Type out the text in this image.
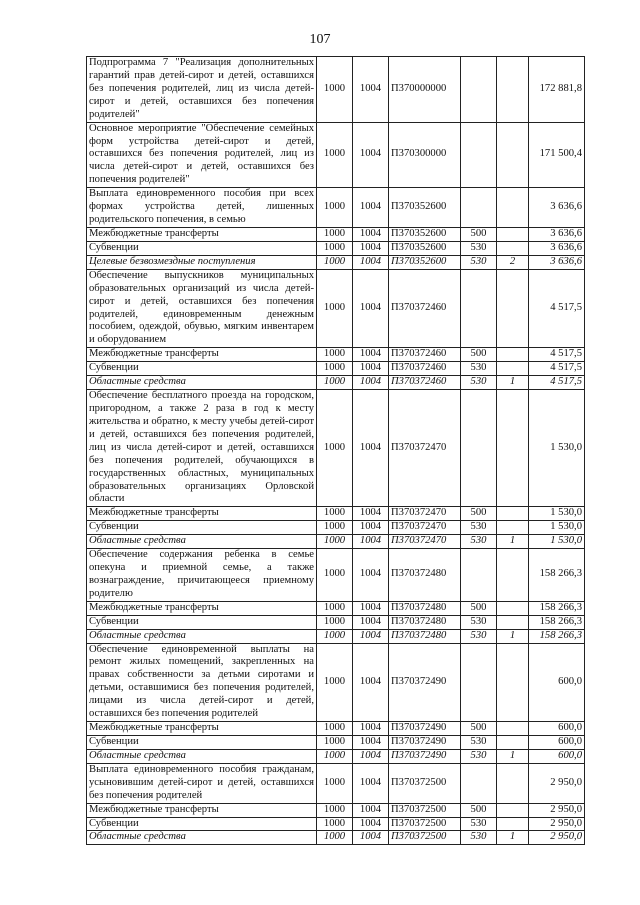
107
Подпрограмма 7 "Реализация дополнительных гарантий прав детей-сирот и детей, оставшихся без попечения родителей, лиц из числа детей-сирот и детей, оставшихся без попечения родителей"	1000	1004	П370000000			172 881,8
Основное мероприятие "Обеспечение семейных форм устройства детей-сирот и детей, оставшихся без попечения родителей, лиц из числа детей-сирот и детей, оставшихся без попечения родителей"	1000	1004	П370300000			171 500,4
Выплата единовременного пособия при всех формах устройства детей, лишенных родительского попечения, в семью	1000	1004	П370352600			3 636,6
Межбюджетные трансферты	1000	1004	П370352600	500		3 636,6
Субвенции	1000	1004	П370352600	530		3 636,6
Целевые безвозмездные поступления	1000	1004	П370352600	530	2	3 636,6
Обеспечение выпускников муниципальных образовательных организаций из числа детей-сирот и детей, оставшихся без попечения родителей, единовременным денежным пособием, одеждой, обувью, мягким инвентарем и оборудованием	1000	1004	П370372460			4 517,5
Межбюджетные трансферты	1000	1004	П370372460	500		4 517,5
Субвенции	1000	1004	П370372460	530		4 517,5
Областные средства	1000	1004	П370372460	530	1	4 517,5
Обеспечение бесплатного проезда на городском, пригородном, а также 2 раза в год к месту жительства и обратно, к месту учебы детей-сирот и детей, оставшихся без попечения родителей, лиц из числа детей-сирот и детей, оставшихся без попечения родителей, обучающихся в государственных областных, муниципальных образовательных организациях Орловской области	1000	1004	П370372470			1 530,0
Межбюджетные трансферты	1000	1004	П370372470	500		1 530,0
Субвенции	1000	1004	П370372470	530		1 530,0
Областные средства	1000	1004	П370372470	530	1	1 530,0
Обеспечение содержания ребенка в семье опекуна и приемной семье, а также вознаграждение, причитающееся приемному родителю	1000	1004	П370372480			158 266,3
Межбюджетные трансферты	1000	1004	П370372480	500		158 266,3
Субвенции	1000	1004	П370372480	530		158 266,3
Областные средства	1000	1004	П370372480	530	1	158 266,3
Обеспечение единовременной выплаты на ремонт жилых помещений, закрепленных на правах собственности за детьми сиротами и детьми, оставшимися без попечения родителей, лицами из числа детей-сирот и детей, оставшихся без попечения родителей	1000	1004	П370372490			600,0
Межбюджетные трансферты	1000	1004	П370372490	500		600,0
Субвенции	1000	1004	П370372490	530		600,0
Областные средства	1000	1004	П370372490	530	1	600,0
Выплата единовременного пособия гражданам, усыновившим детей-сирот и детей, оставшихся без попечения родителей	1000	1004	П370372500			2 950,0
Межбюджетные трансферты	1000	1004	П370372500	500		2 950,0
Субвенции	1000	1004	П370372500	530		2 950,0
Областные средства	1000	1004	П370372500	530	1	2 950,0
